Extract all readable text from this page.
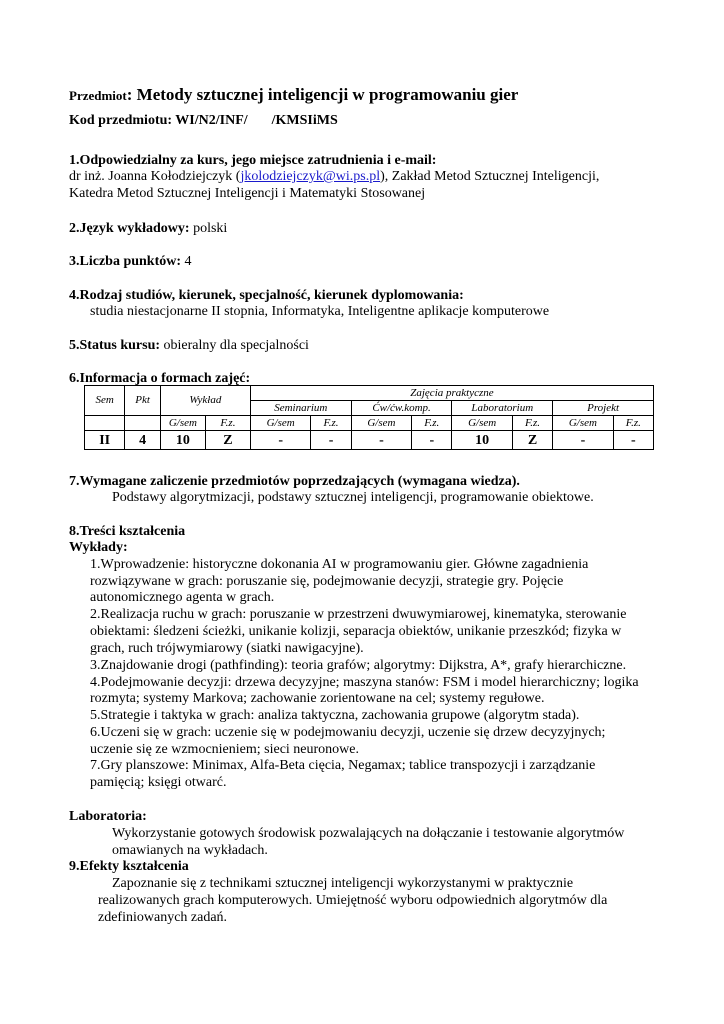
Przedmiot: Metody sztucznej inteligencji w programowaniu gier
Kod przedmiotu: WI/N2/INF/ /KMSIiMS
1.Odpowiedzialny za kurs, jego miejsce zatrudnienia i e-mail:
dr inż. Joanna Kołodziejczyk (jkolodziejczyk@wi.ps.pl), Zakład Metod Sztucznej Inteligencji,
Katedra Metod Sztucznej Inteligencji i Matematyki Stosowanej
2.Język wykładowy: polski
3.Liczba punktów: 4
4.Rodzaj studiów, kierunek, specjalność, kierunek dyplomowania:
studia niestacjonarne II stopnia, Informatyka, Inteligentne aplikacje komputerowe
5.Status kursu: obieralny dla specjalności
6.Informacja o formach zajęć:
Sem	Pkt	Wykład		Zajęcia praktyczne							
				Seminarium		Ćw/ćw.komp.		Laboratorium		Projekt	
		G/sem	F.z.	G/sem	F.z.	G/sem	F.z.	G/sem	F.z.	G/sem	F.z.
II	4	10	Z	-	-	-	-	10	Z	-	-
7.Wymagane zaliczenie przedmiotów poprzedzających (wymagana wiedza).
Podstawy algorytmizacji, podstawy sztucznej inteligencji, programowanie obiektowe.
8.Treści kształcenia
Wykłady:
1.Wprowadzenie: historyczne dokonania AI w programowaniu gier. Główne zagadnienia
rozwiązywane w grach: poruszanie się, podejmowanie decyzji, strategie gry. Pojęcie
autonomicznego agenta w grach.
2.Realizacja ruchu w grach: poruszanie w przestrzeni dwuwymiarowej, kinematyka, sterowanie
obiektami: śledzeni ścieżki, unikanie kolizji, separacja obiektów, unikanie przeszkód; fizyka w
grach, ruch trójwymiarowy (siatki nawigacyjne).
3.Znajdowanie drogi (pathfinding): teoria grafów; algorytmy: Dijkstra, A*, grafy hierarchiczne.
4.Podejmowanie decyzji: drzewa decyzyjne; maszyna stanów: FSM i model hierarchiczny; logika
rozmyta; systemy Markova; zachowanie zorientowane na cel; systemy regułowe.
5.Strategie i taktyka w grach: analiza taktyczna, zachowania grupowe (algorytm stada).
6.Uczeni się w grach: uczenie się w podejmowaniu decyzji, uczenie się drzew decyzyjnych;
uczenie się ze wzmocnieniem; sieci neuronowe.
7.Gry planszowe: Minimax, Alfa-Beta cięcia, Negamax; tablice transpozycji i zarządzanie
pamięcią; księgi otwarć.
Laboratoria:
Wykorzystanie gotowych środowisk pozwalających na dołączanie i testowanie algorytmów
omawianych na wykładach.
9.Efekty kształcenia
Zapoznanie się z technikami sztucznej inteligencji wykorzystanymi w praktycznie
realizowanych grach komputerowych. Umiejętność wyboru odpowiednich algorytmów dla
zdefiniowanych zadań.
